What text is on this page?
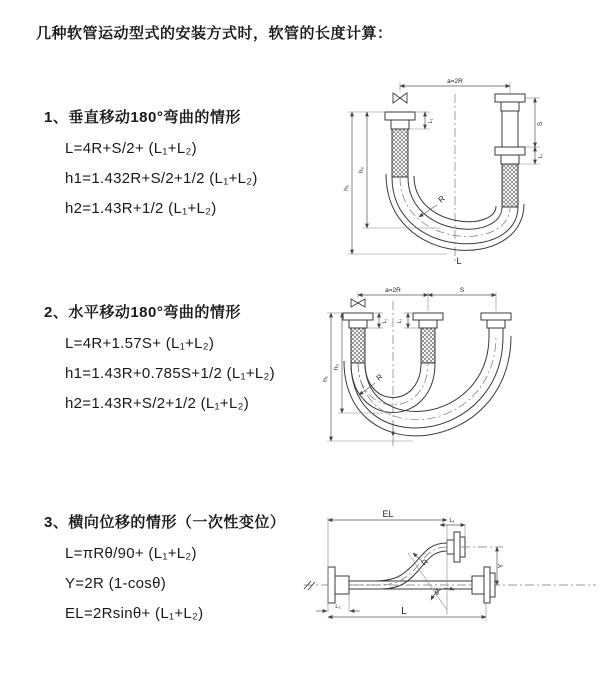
几种软管运动型式的安装方式时，软管的长度计算：
1、垂直移动180°弯曲的情形
L=4R+S/2+ (L₁+L₂)
h1=1.432R+S/2+1/2 (L₁+L₂)
h2=1.43R+1/2 (L₁+L₂)
a=2R
h₁
h₂
L₁
S
L₂
R
L
2、水平移动180°弯曲的情形
L=4R+1.57S+ (L₁+L₂)
h1=1.43R+0.785S+1/2 (L₁+L₂)
h2=1.43R+S/2+1/2 (L₁+L₂)
a=2R	S
h₁
h₂
L₁ L₂
R
3、横向位移的情形（一次性变位）
L=πRθ/90+ (L₁+L₂)
Y=2R (1-cosθ)
EL=2Rsinθ+ (L₁+L₂)
θ
R
EL
L₁
Y
L
L₂
